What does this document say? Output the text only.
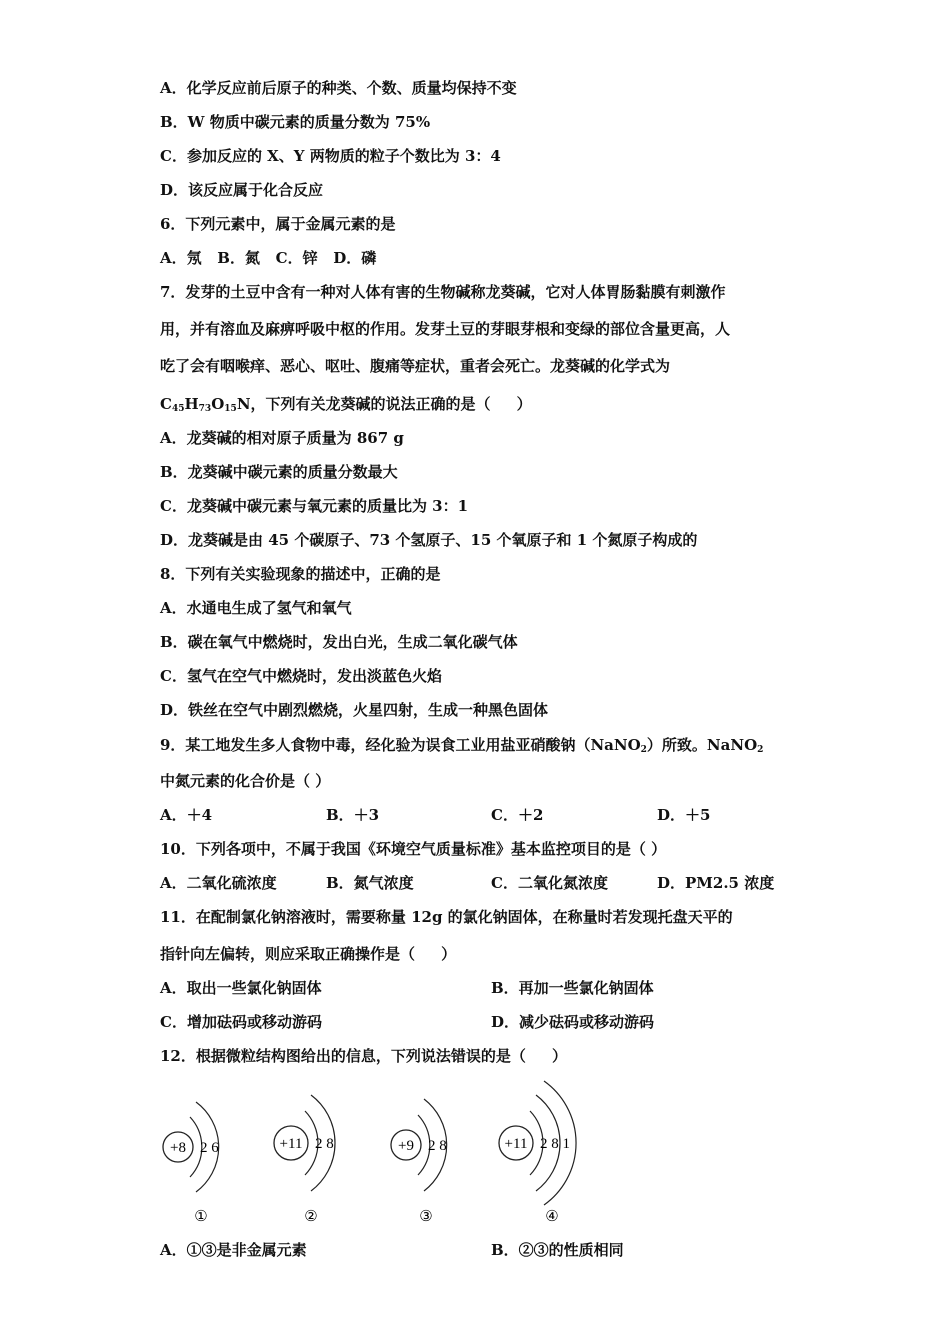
A．化学反应前后原子的种类、个数、质量均保持不变
B．W 物质中碳元素的质量分数为 75%
C．参加反应的 X、Y 两物质的粒子个数比为 3：4
D．该反应属于化合反应
6．下列元素中，属于金属元素的是
A．氖   B．氮   C．锌   D．磷
7．发芽的土豆中含有一种对人体有害的生物碱称龙葵碱，它对人体胃肠黏膜有刺激作
用，并有溶血及麻痹呼吸中枢的作用。发芽土豆的芽眼芽根和变绿的部位含量更高，人
吃了会有咽喉痒、恶心、呕吐、腹痛等症状，重者会死亡。龙葵碱的化学式为
$C_{45}H_{73}O_{15}N$，下列有关龙葵碱的说法正确的是（     ）
A．龙葵碱的相对原子质量为 867 g
B．龙葵碱中碳元素的质量分数最大
C．龙葵碱中碳元素与氧元素的质量比为 3：1
D．龙葵碱是由 45 个碳原子、73 个氢原子、15 个氧原子和 1 个氮原子构成的
8．下列有关实验现象的描述中，正确的是
A．水通电生成了氢气和氧气
B．碳在氧气中燃烧时，发出白光，生成二氧化碳气体
C．氢气在空气中燃烧时，发出淡蓝色火焰
D．铁丝在空气中剧烈燃烧，火星四射，生成一种黑色固体
9．某工地发生多人食物中毒，经化验为误食工业用盐亚硝酸钠（NaNO$_2$）所致。NaNO$_2$
中氮元素的化合价是（ ）
A．＋4	B．＋3	C．＋2	D．＋5
10．下列各项中，不属于我国《环境空气质量标准》基本监控项目的是（ ）
A．二氧化硫浓度	B．氮气浓度	C．二氧化氮浓度	D．PM2.5 浓度
11．在配制氯化钠溶液时，需要称量 12g 的氯化钠固体，在称量时若发现托盘天平的
指针向左偏转，则应采取正确操作是（     ）
A．取出一些氯化钠固体	B．再加一些氯化钠固体
C．增加砝码或移动游码	D．减少砝码或移动游码
12．根据微粒结构图给出的信息，下列说法错误的是（     ）
+8 2 6
①
+11 2 8
②
+9 2 8
③
+11 2 8 1
④
A．①③是非金属元素	B．②③的性质相同
